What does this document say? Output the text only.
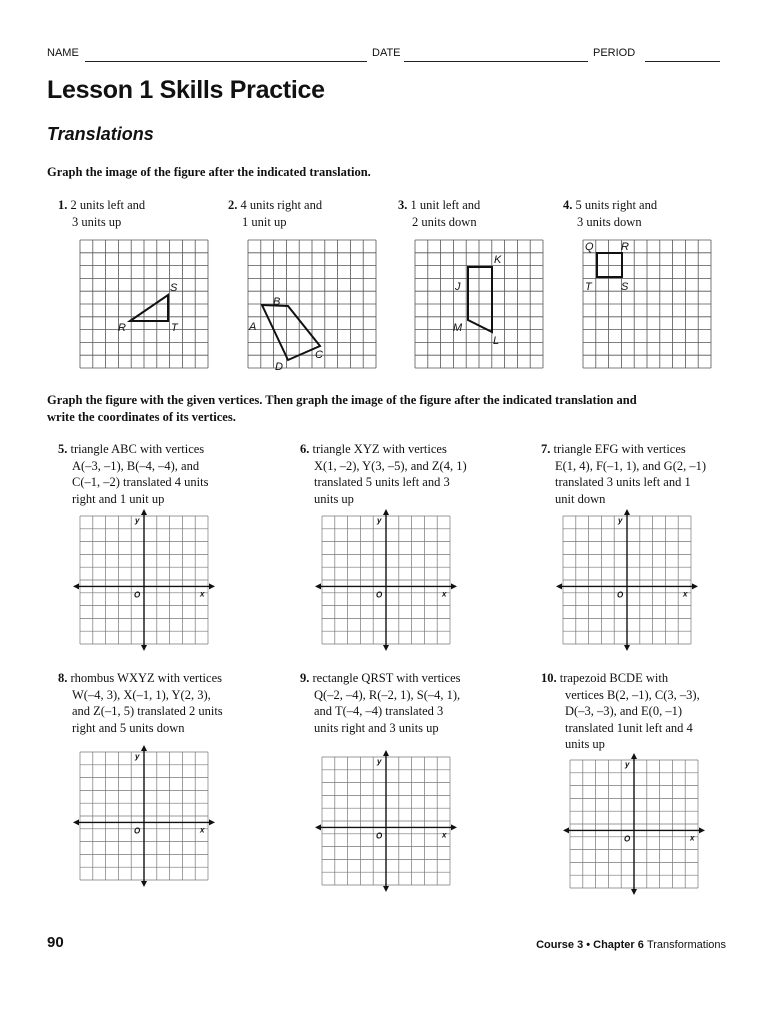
NAME	DATE	PERIOD
Lesson 1 Skills Practice
Translations
Graph the image of the figure after the indicated translation.
1. 2 units left and
3 units up
2. 4 units right and
1 unit up
3. 1 unit left and
2 units down
4. 5 units right and
3 units down
S
R	T
B
A
C
D
K
J
M
L
Q R
T	S
Graph the figure with the given vertices. Then graph the image of the figure after the indicated translation and
write the coordinates of its vertices.
5. triangle ABC with vertices
A(–3, –1), B(–4, –4), and
C(–1, –2) translated 4 units
right and 1 unit up
6. triangle XYZ with vertices
X(1, –2), Y(3, –5), and Z(4, 1)
translated 5 units left and 3
units up
7. triangle EFG with vertices
E(1, 4), F(–1, 1), and G(2, –1)
translated 3 units left and 1
unit down
y
x
O
y
x
O
y
x
O
8. rhombus WXYZ with vertices
W(–4, 3), X(–1, 1), Y(2, 3),
and Z(–1, 5) translated 2 units
right and 5 units down
9. rectangle QRST with vertices
Q(–2, –4), R(–2, 1), S(–4, 1),
and T(–4, –4) translated 3
units right and 3 units up
10. trapezoid BCDE with
vertices B(2, –1), C(3, –3),
D(–3, –3), and E(0, –1)
translated 1unit left and 4
units up
y
x
O
y
x
O
y
x
O
90	Course 3 • Chapter 6 Transformations
